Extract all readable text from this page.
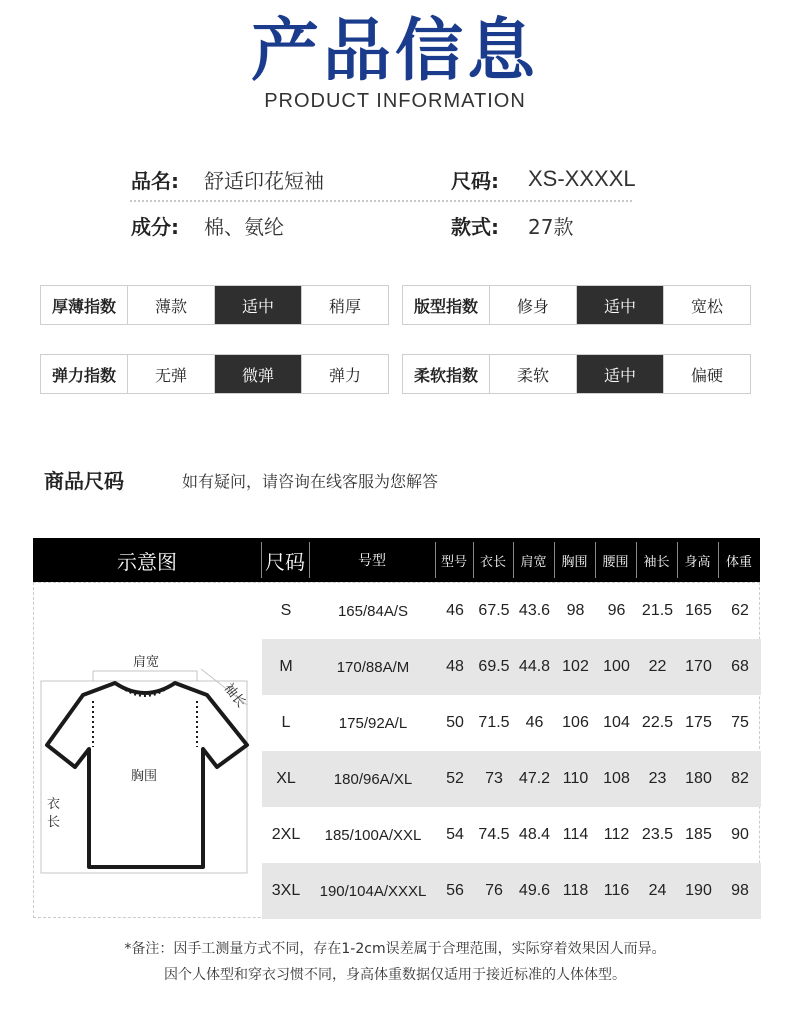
产品信息
PRODUCT INFORMATION
品名: 舒适印花短袖	尺码: XS-XXXXL
成分: 棉、氨纶	款式: 27款
厚薄指数	薄款	适中	稍厚	版型指数	修身	适中	宽松
弹力指数	无弹	微弹	弹力	柔软指数	柔软	适中	偏硬
商品尺码	如有疑问，请咨询在线客服为您解答
示意图	尺码	号型	型号 衣长	肩宽	胸围	腰围	袖长	身高	体重
肩宽
袖长
胸围
衣
长
S	165/84A/S	46 67.5 43.6	98	96	21.5 165	62
M	170/88A/M	48 69.5 44.8 102 100	22	170	68
L	175/92A/L	50 71.5	46	106 104 22.5 175	75
XL	180/96A/XL	52	73	47.2 110 108	23	180	82
2XL	185/100A/XXL	54 74.5 48.4 114 112 23.5 185	90
3XL	190/104A/XXXL	56	76	49.6 118 116	24	190	98
*备注：因手工测量方式不同，存在1-2cm误差属于合理范围，实际穿着效果因人而异。
因个人体型和穿衣习惯不同，身高体重数据仅适用于接近标准的人体体型。
